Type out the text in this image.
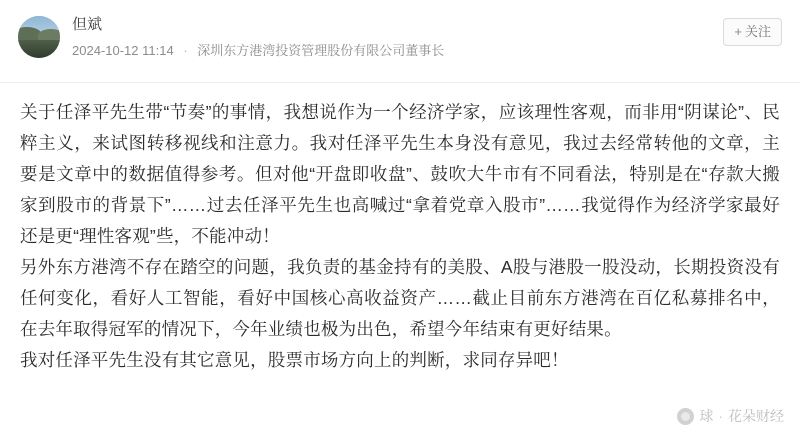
但斌
2024-10-12 11:14 · 深圳东方港湾投资管理股份有限公司董事长
+ 关注

关于任泽平先生带“节奏”的事情，我想说作为一个经济学家，应该理性客观，而非用“阴谋论”、民粹主义，来试图转移视线和注意力。我对任泽平先生本身没有意见，我过去经常转他的文章，主要是文章中的数据值得参考。但对他“开盘即收盘”、鼓吹大牛市有不同看法，特别是在“存款大搬家到股市的背景下”……过去任泽平先生也高喊过“拿着党章入股市”……我觉得作为经济学家最好还是更“理性客观”些，不能冲动！

另外东方港湾不存在踏空的问题，我负责的基金持有的美股、A股与港股一股没动，长期投资没有任何变化，看好人工智能，看好中国核心高收益资产……截止目前东方港湾在百亿私募排名中，在去年取得冠军的情况下，今年业绩也极为出色，希望今年结束有更好结果。

我对任泽平先生没有其它意见，股票市场方向上的判断，求同存异吧！

球 · 花朵财经
